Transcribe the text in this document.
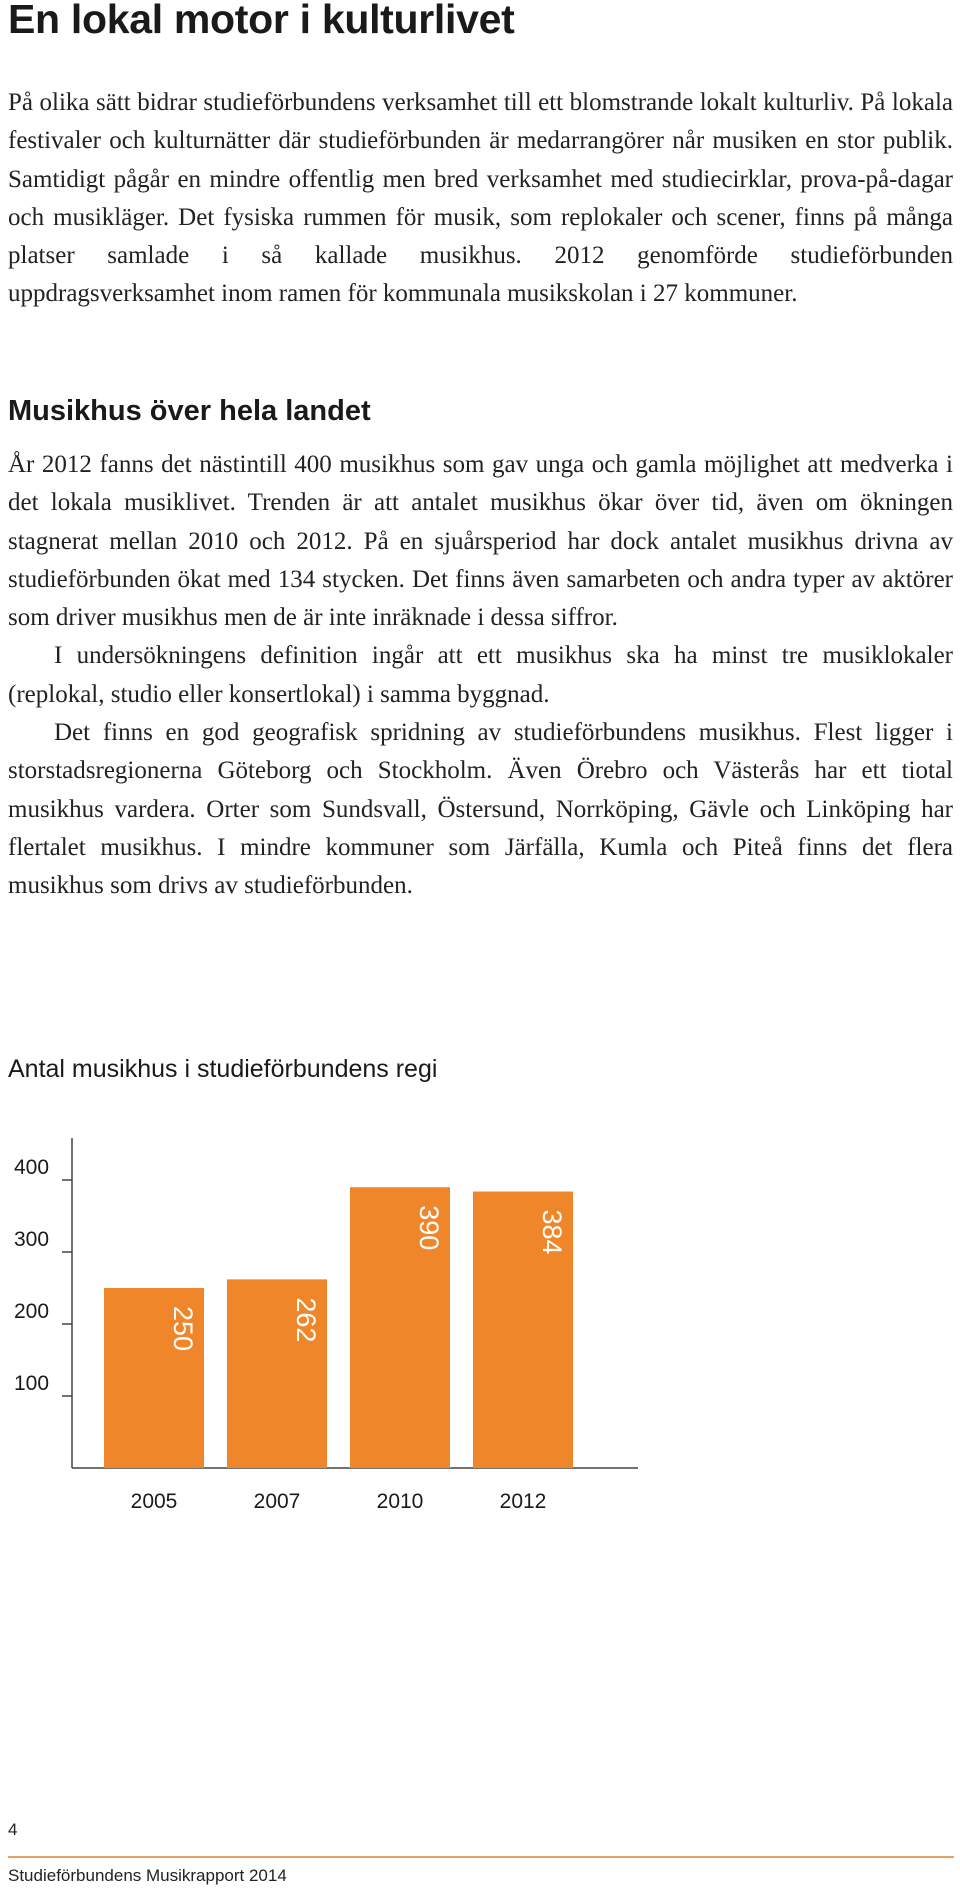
En lokal motor i kulturlivet

På olika sätt bidrar studieförbundens verksamhet till ett blomstrande lokalt kulturliv. På lokala festivaler och kulturnätter där studieförbunden är medarrangörer når musiken en stor publik. Samtidigt pågår en mindre offentlig men bred verksamhet med studiecirklar, prova-på-dagar och musikläger. Det fysiska rummen för musik, som replokaler och scener, finns på många platser samlade i så kallade musikhus. 2012 genomförde studieförbunden uppdragsverksamhet inom ramen för kommunala musikskolan i 27 kommuner.

Musikhus över hela landet

År 2012 fanns det nästintill 400 musikhus som gav unga och gamla möjlighet att medverka i det lokala musiklivet. Trenden är att antalet musikhus ökar över tid, även om ökningen stagnerat mellan 2010 och 2012. På en sjuårsperiod har dock antalet musikhus drivna av studieförbunden ökat med 134 stycken. Det finns även samarbeten och andra typer av aktörer som driver musikhus men de är inte inräknade i dessa siffror.

I undersökningens definition ingår att ett musikhus ska ha minst tre musiklokaler (replokal, studio eller konsertlokal) i samma byggnad.

Det finns en god geografisk spridning av studieförbundens musikhus. Flest ligger i storstadsregionerna Göteborg och Stockholm. Även Örebro och Västerås har ett tiotal musikhus vardera. Orter som Sundsvall, Östersund, Norrköping, Gävle och Linköping har flertalet musikhus. I mindre kommuner som Järfälla, Kumla och Piteå finns det flera musikhus som drivs av studieförbunden.

Antal musikhus i studieförbundens regi
100
200
300
400
250
2005
262
2007
390
2010
384
2012
4
Studieförbundens Musikrapport 2014
